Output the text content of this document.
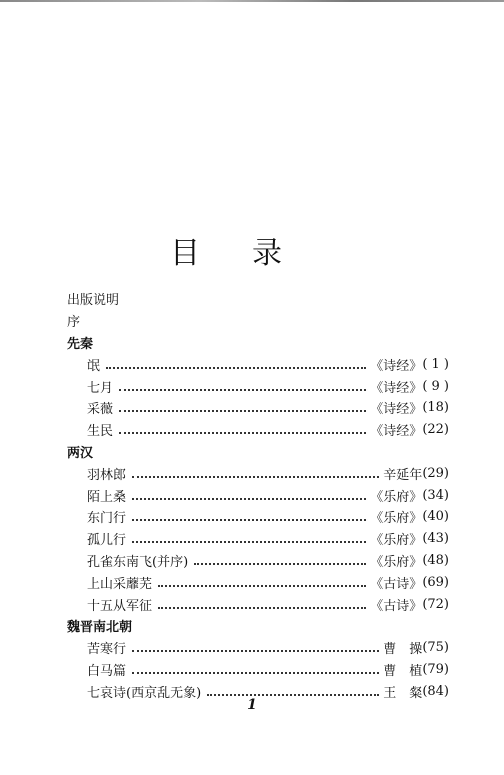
目录
出版说明
序
先秦
氓	《诗经》 ( 1 )
七月	《诗经》 ( 9 )
采薇	《诗经》 (18)
生民	《诗经》 (22)
两汉
羽林郎	辛延年 (29)
陌上桑	《乐府》 (34)
东门行	《乐府》 (40)
孤儿行	《乐府》 (43)
孔雀东南飞(并序)	《乐府》 (48)
上山采蘼芜	《古诗》 (69)
十五从军征	《古诗》 (72)
魏晋南北朝
苦寒行	曹　操 (75)
白马篇	曹　植 (79)
七哀诗(西京乱无象)	王　粲 (84)
1
